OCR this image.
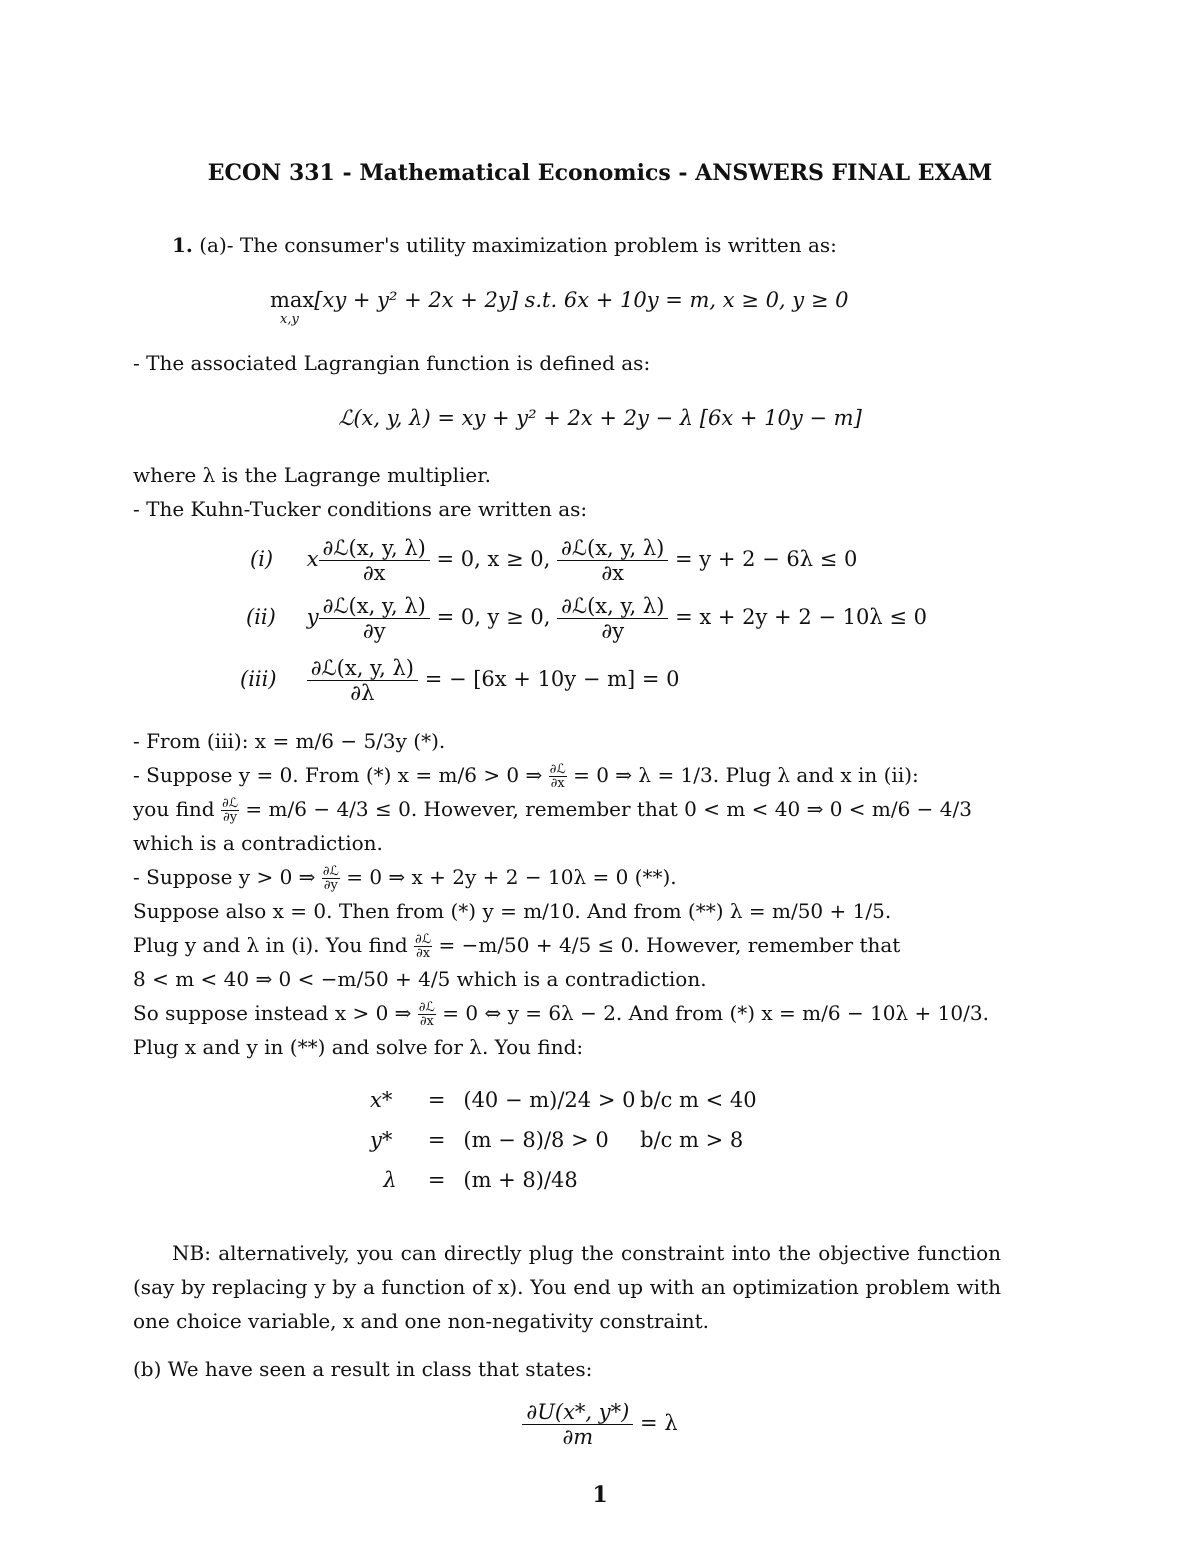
ECON 331 - Mathematical Economics - ANSWERS FINAL EXAM
1. (a)- The consumer's utility maximization problem is written as:
max[xy + y² + 2x + 2y] s.t. 6x + 10y = m, x ≥ 0, y ≥ 0
x,y
- The associated Lagrangian function is defined as:
ℒ(x, y, λ) = xy + y² + 2x + 2y − λ [6x + 10y − m]
where λ is the Lagrange multiplier.
- The Kuhn-Tucker conditions are written as:
(i) x $\frac{\text{∂ℒ(x, y, λ)}}{\partial x} = 0$, x ≥ 0, $\frac{\text{∂ℒ(x, y, λ)}}{\partial x} = y + 2 - 6\lambda \le 0$
(ii) y $\frac{\text{∂ℒ(x, y, λ)}}{\partial y} = 0$, y ≥ 0, $\frac{\text{∂ℒ(x, y, λ)}}{\partial y} = x + 2y + 2 - 10\lambda \le 0$
$(iii) \frac{\text{∂ℒ(x, y, λ)}}{\partial\lambda}$ = − [6x + 10y − m] = 0
- From (iii): x = m/6 − 5/3y (*).
- Suppose y = 0. From (*) x = m/6 > 0 ⇒ $\frac{\text{∂ℒ}}{\partial x} = 0$ ⇒ λ = 1/3. Plug λ and x in (ii):
you find $\frac{\text{∂ℒ}}{\partial y} = m/6 - 4/3 \le 0$. However, remember that 0 < m < 40 ⇒ 0 < m/6 − 4/3
which is a contradiction.
- Suppose y > 0 ⇒ $\frac{\text{∂ℒ}}{\partial y} = 0$ ⇒ x + 2y + 2 − 10λ = 0 (**).
Suppose also x = 0. Then from (*) y = m/10. And from (**) λ = m/50 + 1/5.
Plug y and λ in (i). You find $\frac{\text{∂ℒ}}{\partial x} = -m/50 + 4/5 \le 0$. However, remember that
8 < m < 40 ⇒ 0 < −m/50 + 4/5 which is a contradiction.
So suppose instead x > 0 ⇒ $\frac{\text{∂ℒ}}{\partial x} = 0$ ⇔ y = 6λ − 2. And from (*) x = m/6 − 10λ + 10/3.
Plug x and y in (**) and solve for λ. You find:
x* = (40 − m)/24 > 0 b/c m < 40
y* = (m − 8)/8 > 0 b/c m > 8
λ = (m + 8)/48
NB: alternatively, you can directly plug the constraint into the objective function
(say by replacing y by a function of x). You end up with an optimization problem with
one choice variable, x and one non-negativity constraint.
(b) We have seen a result in class that states:
$\frac{\partial U(x*, y*)}{\partial m} = \lambda$
1
